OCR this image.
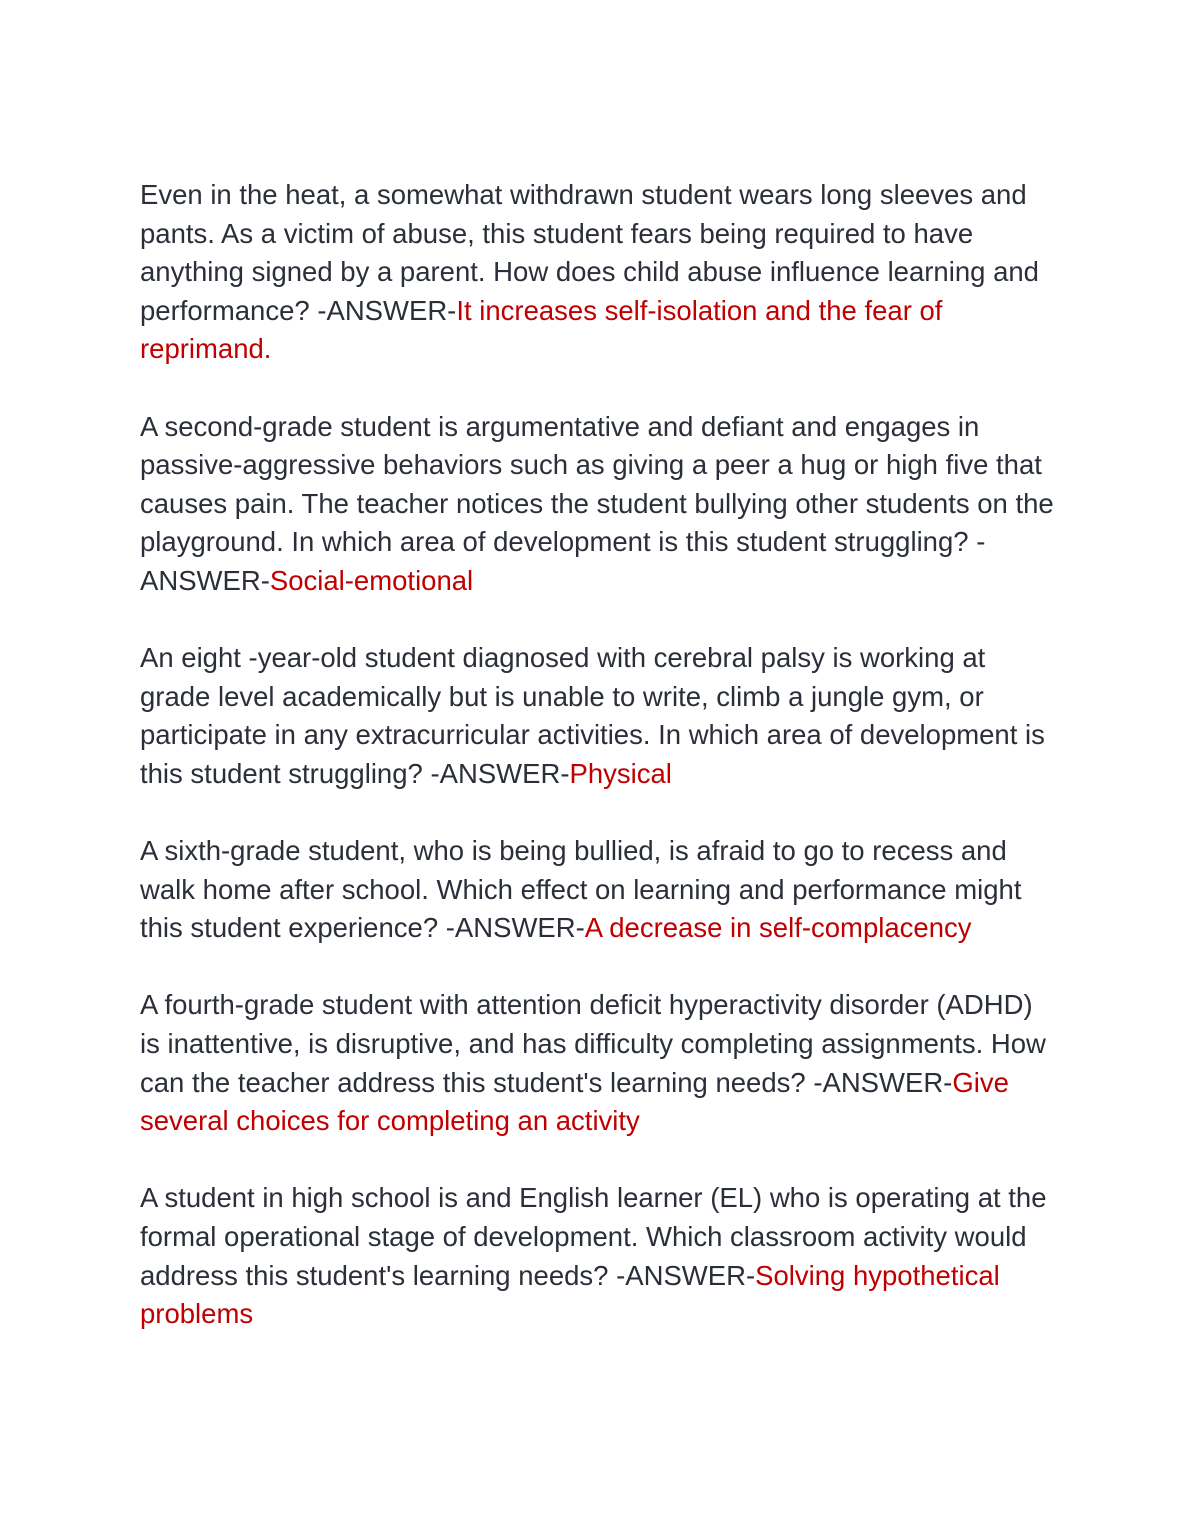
Even in the heat, a somewhat withdrawn student wears long sleeves and pants. As a victim of abuse, this student fears being required to have anything signed by a parent. How does child abuse influence learning and performance? -ANSWER-It increases self-isolation and the fear of reprimand.

A second-grade student is argumentative and defiant and engages in passive-aggressive behaviors such as giving a peer a hug or high five that causes pain. The teacher notices the student bullying other students on the playground. In which area of development is this student struggling? -ANSWER-Social-emotional

An eight -year-old student diagnosed with cerebral palsy is working at grade level academically but is unable to write, climb a jungle gym, or participate in any extracurricular activities. In which area of development is this student struggling? -ANSWER-Physical

A sixth-grade student, who is being bullied, is afraid to go to recess and walk home after school. Which effect on learning and performance might this student experience? -ANSWER-A decrease in self-complacency

A fourth-grade student with attention deficit hyperactivity disorder (ADHD) is inattentive, is disruptive, and has difficulty completing assignments. How can the teacher address this student's learning needs? -ANSWER-Give several choices for completing an activity

A student in high school is and English learner (EL) who is operating at the formal operational stage of development. Which classroom activity would address this student's learning needs? -ANSWER-Solving hypothetical problems
